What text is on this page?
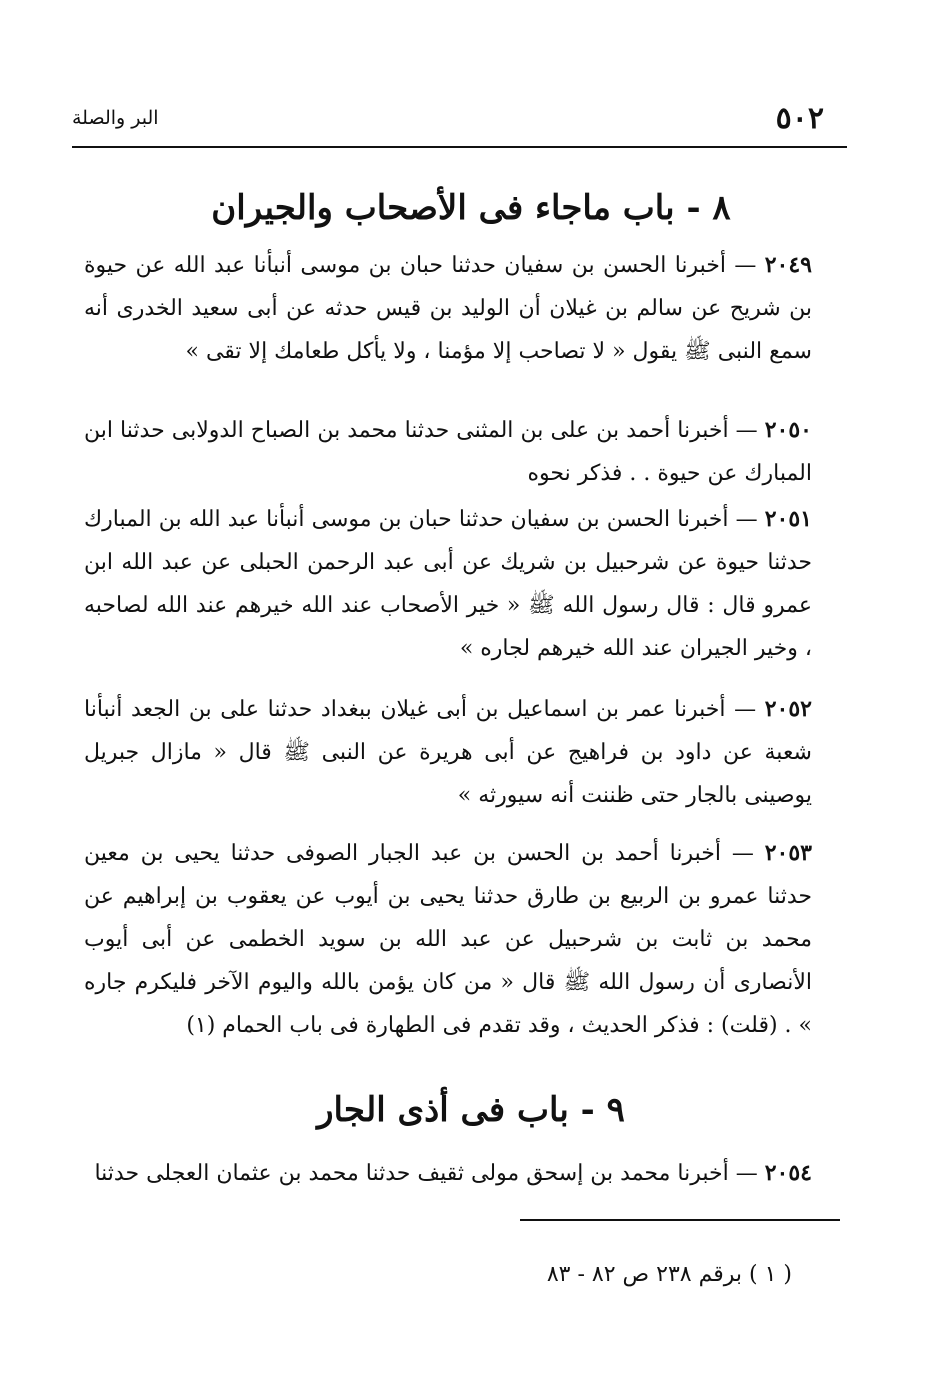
٥٠٢
البر والصلة
٨ - باب ماجاء فى الأصحاب والجيران

٢٠٤٩ — أخبرنا الحسن بن سفيان حدثنا حبان بن موسى أنبأنا عبد الله عن حيوة بن شريح عن سالم بن غيلان أن الوليد بن قيس حدثه عن أبى سعيد الخدرى أنه سمع النبى ﷺ يقول « لا تصاحب إلا مؤمنا ، ولا يأكل طعامك إلا تقى »

٢٠٥٠ — أخبرنا أحمد بن على بن المثنى حدثنا محمد بن الصباح الدولابى حدثنا ابن المبارك عن حيوة . . فذكر نحوه

٢٠٥١ — أخبرنا الحسن بن سفيان حدثنا حبان بن موسى أنبأنا عبد الله بن المبارك حدثنا حيوة عن شرحبيل بن شريك عن أبى عبد الرحمن الحبلى عن عبد الله ابن عمرو قال : قال رسول الله ﷺ « خير الأصحاب عند الله خيرهم عند الله لصاحبه ، وخير الجيران عند الله خيرهم لجاره »

٢٠٥٢ — أخبرنا عمر بن اسماعيل بن أبى غيلان ببغداد حدثنا على بن الجعد أنبأنا شعبة عن داود بن فراهيج عن أبى هريرة عن النبى ﷺ قال « مازال جبريل يوصينى بالجار حتى ظننت أنه سيورثه »

٢٠٥٣ — أخبرنا أحمد بن الحسن بن عبد الجبار الصوفى حدثنا يحيى بن معين حدثنا عمرو بن الربيع بن طارق حدثنا يحيى بن أيوب عن يعقوب بن إبراهيم عن محمد بن ثابت بن شرحبيل عن عبد الله بن سويد الخطمى عن أبى أيوب الأنصارى أن رسول الله ﷺ قال « من كان يؤمن بالله واليوم الآخر فليكرم جاره » . (قلت) : فذكر الحديث ، وقد تقدم فى الطهارة فى باب الحمام (١)

٩ - باب فى أذى الجار

٢٠٥٤ — أخبرنا محمد بن إسحق مولى ثقيف حدثنا محمد بن عثمان العجلى حدثنا

( ١ ) برقم ٢٣٨ ص ٨٢ - ٨٣
